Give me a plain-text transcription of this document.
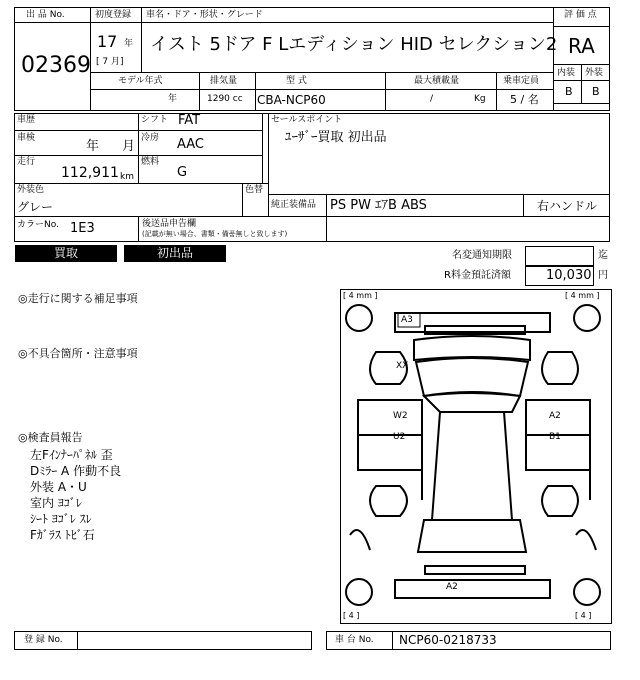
出 品 No.
02369
初度登録
17 年
[ 7 月]
車名・ドア・形状・グレード
イスト 5ドア F Lエディション HID セレクション2
評 価 点
RA
内装 外装
B B
モデル年式
年
排気量
1290 cc
型 式
CBA-NCP60
最大積載量
/	Kg
乗車定員
5 / 名
車歴	シフト FAT
車検
年 月
冷房 AAC
走行
112,911 km
燃料
G
外装色
グレー
色替
カラーNo. 1E3
セールスポイント
ﾕｰｻﾞｰ買取 初出品
純正装備品 PS PW ｴｱB ABS	右ハンドル
後送品申告欄
(記載が無い場合、書類・備품無しと致します)
買取	初出品	名変通知期限	迄
R料金預託済額	10,030 円
◎走行に関する補足事項
◎不具合箇所・注意事項
◎検査員報告
左Fｲﾝﾅｰﾊﾟﾈﾙ 歪
Dﾐﾗｰ A 作動不良
外装 A・U
室内 ﾖｺﾞﾚ
ｼｰﾄ ﾖｺﾞﾚ ｽﾚ
Fｶﾞﾗｽ ﾄﾋﾞ石
[ 4 mm ]	[ 4 mm ]
[ 4 ]	[ 4 ]
A3
XX
W2
U2
A2
B1
A2
登 録 No.	車 台 No. NCP60-0218733
